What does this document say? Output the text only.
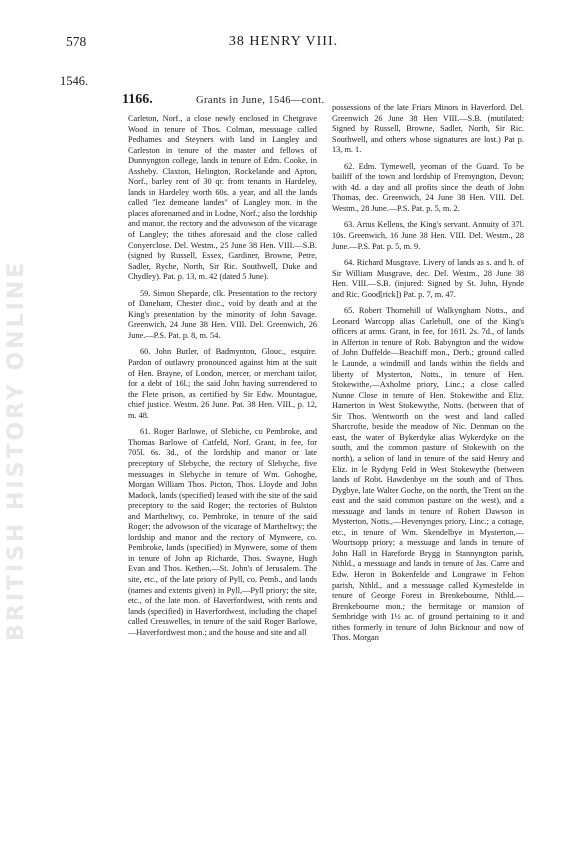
BRITISH HISTORY ONLINE
578	38 HENRY VIII.
1546.
1166.	Grants in June, 1546—cont.

Carleton, Norf., a close newly enclosed in Chetgrave Wood in tenure of Thos. Colman, messuage called Pedhames and Steyners with land in Langley and Carleston in tenure of the master and fellows of Dunnyngton college, lands in tenure of Edm. Cooke, in Assheby. Claxton, Helington, Rockelande and Apton, Norf., barley rent of 30 qr. from tenants in Hardeley, lands in Hardeley worth 60s. a year, and all the lands called "lez demeane landes" of Langley mon. in the places aforenamed and in Lodne, Norf.; also the lordship and manor, the rectory and the advowson of the vicarage of Langley; the tithes aforesaid and the close called Conyerclose. Del. Westm., 25 June 38 Hen. VIII.—S.B. (signed by Russell, Essex, Gardiner, Browne, Petre, Sadler, Ryche, North, Sir Ric. Southwell, Duke and Chydley). Pat. p. 13, m. 42 (dated 5 June).

59. Simon Sheparde, clk. Presentation to the rectory of Daneham, Chester dioc., void by death and at the King's presentation by the minority of John Savage. Greenwich, 24 June 38 Hen. VIII. Del. Greenwich, 26 June.—P.S. Pat. p. 8, m. 54.

60. John Butler, of Badmynton, Glouc., esquire. Pardon of outlawry pronounced against him at the suit of Hen. Brayne, of London, mercer, or merchant tailor, for a debt of 16l.; the said John having surrendered to the Flete prison, as certified by Sir Edw. Mountague, chief justice. Westm. 26 June. Pat. 38 Hen. VIII., p. 12, m. 48.

61. Roger Barlowe, of Slebiche, co Pembroke, and Thomas Barlowe of Catfeld, Norf. Grant, in fee, for 705l. 6s. 3d., of the lordship and manor or late preceptory of Slebyche, the rectory of Slebyche, five messuages in Slebyche in tenure of Wm. Gohoghe, Morgan William Thos. Picton, Thos. Lloyde and John Madock, lands (specified) leased with the site of the said preceptory to the said Roger; the rectories of Bulston and Martheltwy, co. Pembroke, in tenure of the said Roger; the advowson of the vicarage of Martheltwy; the lordship and manor and the rectory of Mynwere, co. Pembroke, lands (specified) in Mynwere, some of them in tenure of John ap Richarde, Thos. Swayne, Hugh Evan and Thos. Kethen,—St. John's of Jerusalem. The site, etc., of the late priory of Pyll, co. Pemb., and lands (names and extents given) in Pyll,—Pyll priory; the site, etc., of the late mon. of Haverfordwest, with rents and lands (specified) in Haverfordwest, including the chapel called Cresswelles, in tenure of the said Roger Barlowe,—Haverfordwest mon.; and the house and site and all

possessions of the late Friars Minors in Haverford. Del. Greenwich 26 June 38 Hen VIII.—S.B. (mutilated: Signed by Russell, Browne, Sadler, North, Sir Ric. Southwell, and others whose signatures are lost.) Pat p. 13, m. 1.

62. Edm. Tymewell, yeoman of the Guard. To be bailiff of the town and lordship of Fremyngton, Devon; with 4d. a day and all profits since the death of John Thomas, dec. Greenwich, 24 June 38 Hen. VIII. Del. Westm., 28 June.—P.S. Pat. p. 5, m. 2.

63. Artus Kellens, the King's servant. Annuity of 37l. 10s. Greenwich, 16 June 38 Hen. VIII. Del. Westm., 28 June.—P.S. Pat. p. 5, m. 9.

64. Richard Musgrave. Livery of lands as s. and h. of Sir William Musgrave, dec. Del. Westm., 28 June 38 Hen. VIII.—S.B. (injured: Signed by St. John, Hynde and Ric. Good[rick]) Pat. p. 7, m. 47.

65. Robert Thornehill of Walkyngham Notts., and Leonard Warcopp alias Carlehull, one of the King's officers at arms. Grant, in fee, for 161l. 2s. 7d., of lands in Alferton in tenure of Rob. Babyngton and the widow of John Duffelde—Beachiff mon., Derb.; ground called le Launde, a windmill and lands within the fields and liberty of Mysterton, Notts., in tenure of Hen. Stokewithe,—Axholme priory, Linc.; a close called Nunne Close in tenure of Hen. Stokewithe and Eliz. Hamerton in West Stokewythe, Notts. (between that of Sir Thos. Wentworth on the west and land called Sharcrofte, beside the meadow of Nic. Denman on the east, the water of Bykerdyke alias Wykerdyke on the south, and the common pasture of Stokewith on the north), a selion of land in tenure of the said Henry and Eliz. in le Rydyng Feld in West Stokewythe (between lands of Robt. Hawdenbye on the south and of Thos. Dygbye, late Walter Goche, on the north, the Trent on the east and the said common pasture on the west), and a messuage and lands in tenure of Robert Dawson in Mysterton, Notts.,—Hevenynges priory, Linc.; a cottage, etc., in tenure of Wm. Skendelbye in Mysterton,—Wourtsopp priory; a messuage and lands in tenure of John Hall in Hareforde Brygg in Stannyngton parish, Nthld., a messuage and lands in tenure of Jas. Carre and Edw. Heron in Bokenfelde and Longrawe in Felton parish, Nthld., and a messuage called Kymesfelde in tenure of George Forest in Brenkebourne, Nthld.—Brenkebourne mon.; the hermitage or mansion of Sembridge with 1½ ac. of ground pertaining to it and tithes formerly in tenure of John Bicknour and now of Thos. Morgan
